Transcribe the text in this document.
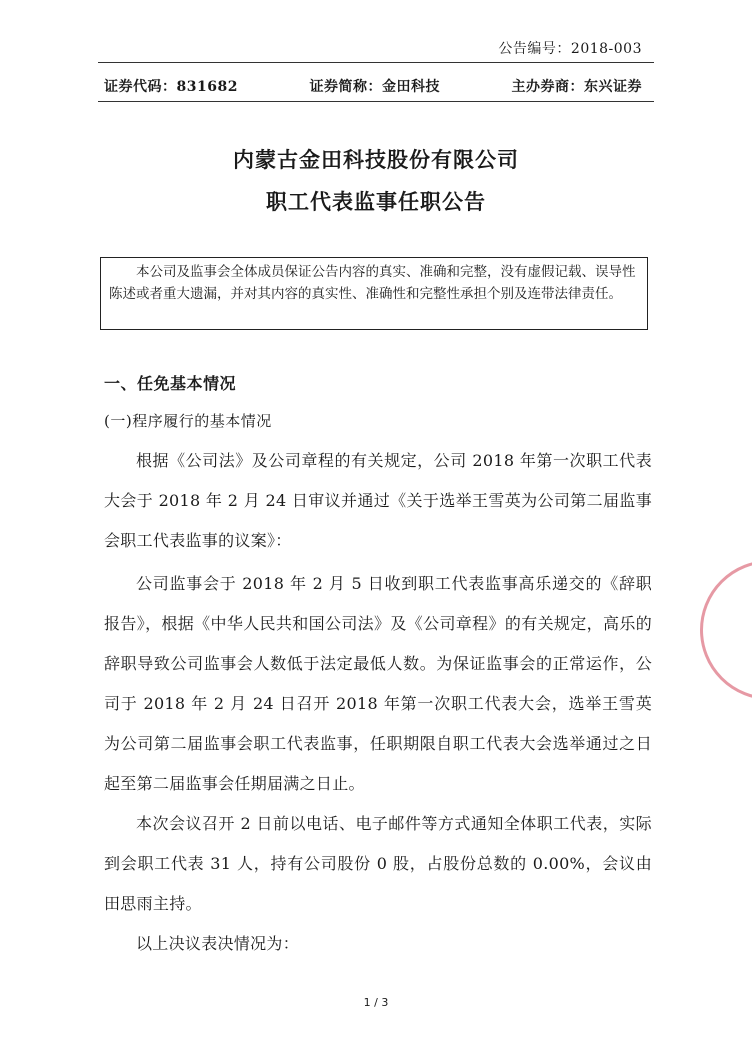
公告编号：2018-003
证券代码：831682	证券简称：金田科技	主办券商：东兴证券
内蒙古金田科技股份有限公司
职工代表监事任职公告
本公司及监事会全体成员保证公告内容的真实、准确和完整，没有虚假记载、误导性陈述或者重大遗漏，并对其内容的真实性、准确性和完整性承担个别及连带法律责任。
一、任免基本情况
(一)程序履行的基本情况
根据《公司法》及公司章程的有关规定，公司 2018 年第一次职工代表大会于 2018 年 2 月 24 日审议并通过《关于选举王雪英为公司第二届监事会职工代表监事的议案》：
公司监事会于 2018 年 2 月 5 日收到职工代表监事高乐递交的《辞职报告》，根据《中华人民共和国公司法》及《公司章程》的有关规定，高乐的辞职导致公司监事会人数低于法定最低人数。为保证监事会的正常运作，公司于 2018 年 2 月 24 日召开 2018 年第一次职工代表大会，选举王雪英为公司第二届监事会职工代表监事，任职期限自职工代表大会选举通过之日起至第二届监事会任期届满之日止。
本次会议召开 2 日前以电话、电子邮件等方式通知全体职工代表，实际到会职工代表 31 人，持有公司股份 0 股，占股份总数的 0.00%，会议由田思雨主持。
以上决议表决情况为：
1 / 3
